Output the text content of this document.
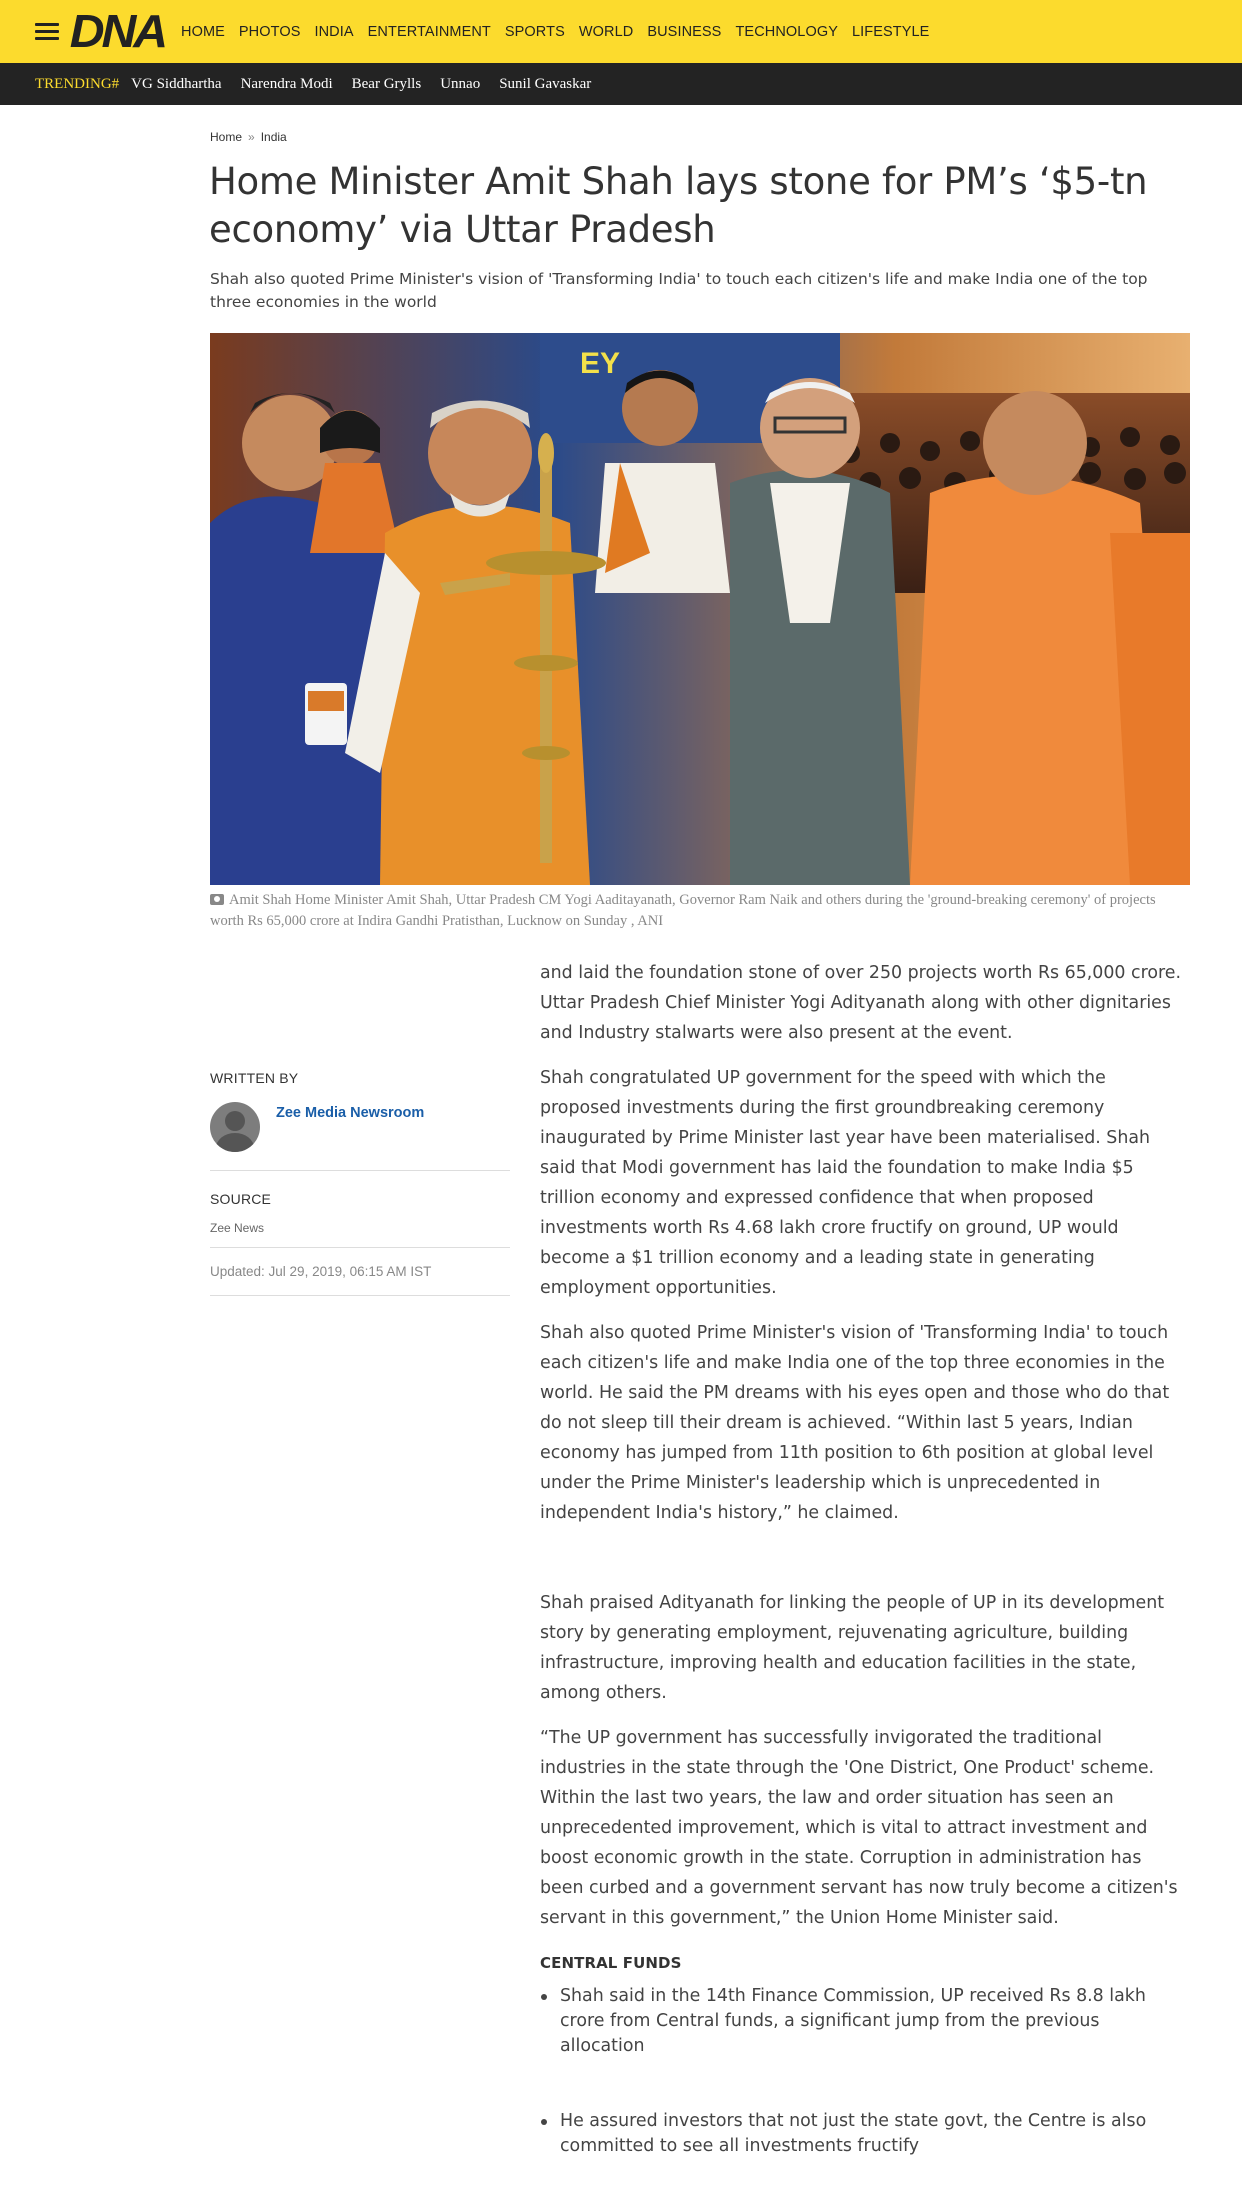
DNA HOME PHOTOS INDIA ENTERTAINMENT SPORTS WORLD BUSINESS TECHNOLOGY LIFESTYLE
TRENDING# VG Siddhartha Narendra Modi Bear Grylls Unnao Sunil Gavaskar
Home » India
Home Minister Amit Shah lays stone for PM’s ‘$5-tn economy’ via Uttar Pradesh

Shah also quoted Prime Minister's vision of 'Transforming India' to touch each citizen's life and make India one of the top three economies in the world

EY
Amit Shah Home Minister Amit Shah, Uttar Pradesh CM Yogi Aaditayanath, Governor Ram Naik and others during the 'ground-breaking ceremony' of projects worth Rs 65,000 crore at Indira Gandhi Pratisthan, Lucknow on Sunday , ANI
WRITTEN BY
Zee Media Newsroom
SOURCE
Zee News
Updated: Jul 29, 2019, 06:15 AM IST

and laid the foundation stone of over 250 projects worth Rs 65,000 crore. Uttar Pradesh Chief Minister Yogi Adityanath along with other dignitaries and Industry stalwarts were also present at the event.

Shah congratulated UP government for the speed with which the proposed investments during the first groundbreaking ceremony inaugurated by Prime Minister last year have been materialised. Shah said that Modi government has laid the foundation to make India $5 trillion economy and expressed confidence that when proposed investments worth Rs 4.68 lakh crore fructify on ground, UP would become a $1 trillion economy and a leading state in generating employment opportunities.

Shah also quoted Prime Minister's vision of 'Transforming India' to touch each citizen's life and make India one of the top three economies in the world. He said the PM dreams with his eyes open and those who do that do not sleep till their dream is achieved. “Within last 5 years, Indian economy has jumped from 11th position to 6th position at global level under the Prime Minister's leadership which is unprecedented in independent India's history,” he claimed.

Shah praised Adityanath for linking the people of UP in its development story by generating employment, rejuvenating agriculture, building infrastructure, improving health and education facilities in the state, among others.

“The UP government has successfully invigorated the traditional industries in the state through the 'One District, One Product' scheme. Within the last two years, the law and order situation has seen an unprecedented improvement, which is vital to attract investment and boost economic growth in the state. Corruption in administration has been curbed and a government servant has now truly become a citizen's servant in this government,” the Union Home Minister said.

CENTRAL FUNDS
Shah said in the 14th Finance Commission, UP received Rs 8.8 lakh crore from Central funds, a significant jump from the previous allocation
He assured investors that not just the state govt, the Centre is also committed to see all investments fructify
